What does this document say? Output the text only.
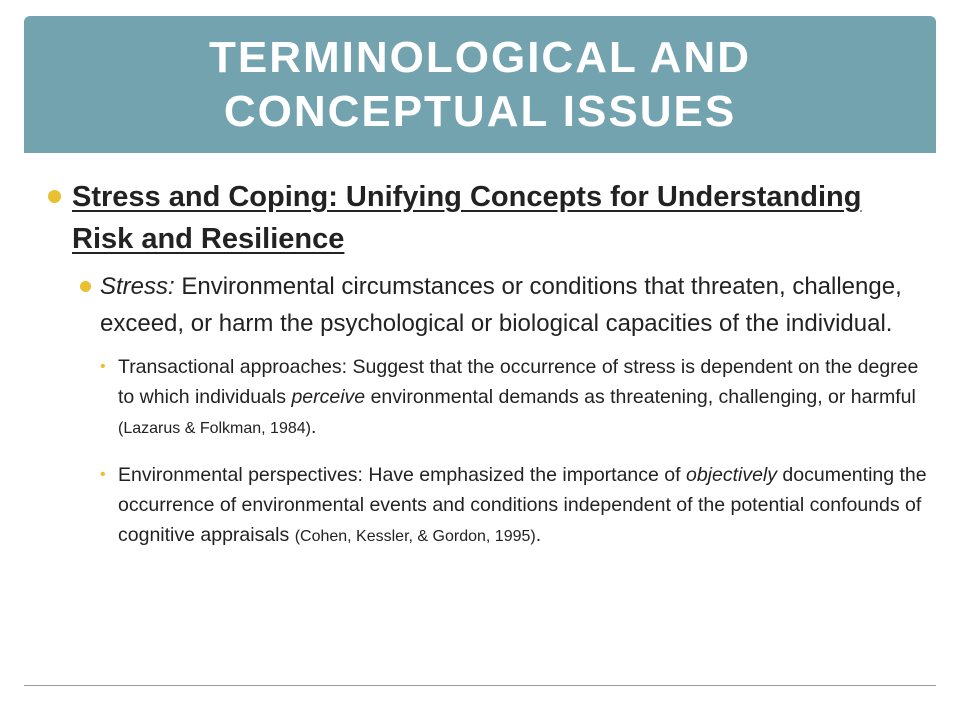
TERMINOLOGICAL AND
CONCEPTUAL ISSUES
Stress and Coping: Unifying Concepts for Understanding Risk and Resilience
Stress: Environmental circumstances or conditions that threaten, challenge, exceed, or harm the psychological or biological capacities of the individual.
• Transactional approaches: Suggest that the occurrence of stress is dependent on the degree to which individuals perceive environmental demands as threatening, challenging, or harmful (Lazarus & Folkman, 1984).
• Environmental perspectives: Have emphasized the importance of objectively documenting the occurrence of environmental events and conditions independent of the potential confounds of cognitive appraisals (Cohen, Kessler, & Gordon, 1995).
